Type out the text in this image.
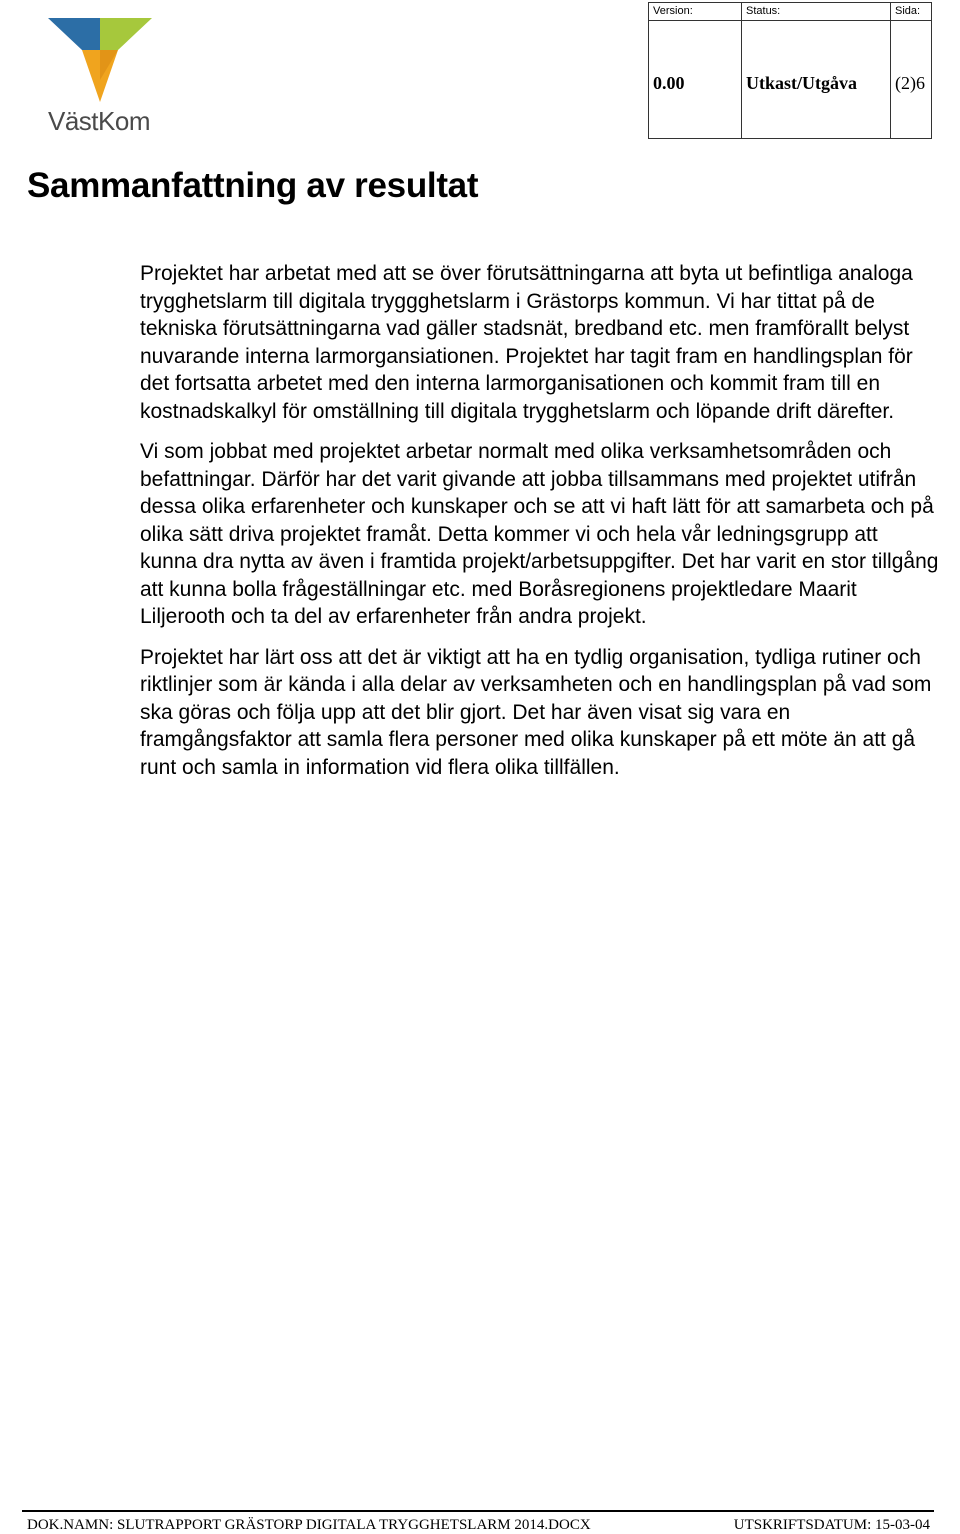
VästKom
Version:	Status:	Sida:
0.00	Utkast/Utgåva	(2)6
Sammanfattning av resultat

Projektet har arbetat med att se över förutsättningarna att byta ut befintliga analoga trygghetslarm till digitala tryggghetslarm i Grästorps kommun. Vi har tittat på de tekniska förutsättningarna vad gäller stadsnät, bredband etc. men framförallt belyst nuvarande interna larmorgansiationen. Projektet har tagit fram en handlingsplan för det fortsatta arbetet med den interna larmorganisationen och kommit fram till en kostnadskalkyl för omställning till digitala trygghetslarm och löpande drift därefter.

Vi som jobbat med projektet arbetar normalt med olika verksamhetsområden och befattningar. Därför har det varit givande att jobba tillsammans med projektet utifrån dessa olika erfarenheter och kunskaper och se att vi haft lätt för att samarbeta och på olika sätt driva projektet framåt. Detta kommer vi och hela vår ledningsgrupp att kunna dra nytta av även i framtida projekt/arbetsuppgifter. Det har varit en stor tillgång att kunna bolla frågeställningar etc. med Boråsregionens projektledare Maarit Liljerooth och ta del av erfarenheter från andra projekt.

Projektet har lärt oss att det är viktigt att ha en tydlig organisation, tydliga rutiner och riktlinjer som är kända i alla delar av verksamheten och en handlingsplan på vad som ska göras och följa upp att det blir gjort. Det har även visat sig vara en framgångsfaktor att samla flera personer med olika kunskaper på ett möte än att gå runt och samla in information vid flera olika tillfällen.

DOK.NAMN: SLUTRAPPORT GRÄSTORP DIGITALA TRYGGHETSLARM 2014.DOCX	UTSKRIFTSDATUM: 15-03-04
